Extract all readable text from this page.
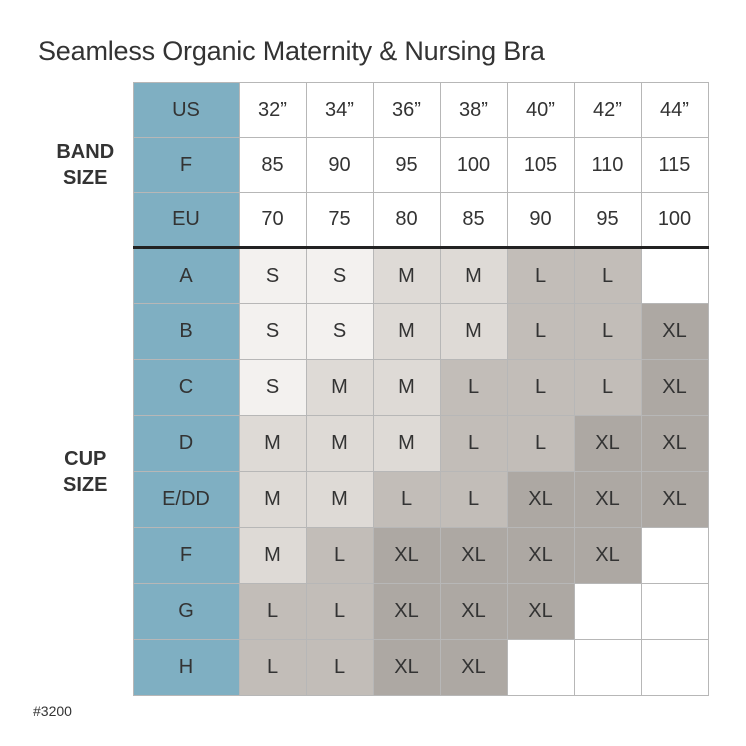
Seamless Organic Maternity & Nursing Bra
BAND
SIZE	US	32”	34”	36”	38”	40”	42”	44”
	F	85	90	95	100	105	110	115
	EU	70	75	80	85	90	95	100

CUP
SIZE	A	S	S	M	M	L	L	
	B	S	S	M	M	L	L	XL
	C	S	M	M	L	L	L	XL
	D	M	M	M	L	L	XL	XL
	E/DD	M	M	L	L	XL	XL	XL
	F	M	L	XL	XL	XL	XL	
	G	L	L	XL	XL	XL		
	H	L	L	XL	XL			
#3200
